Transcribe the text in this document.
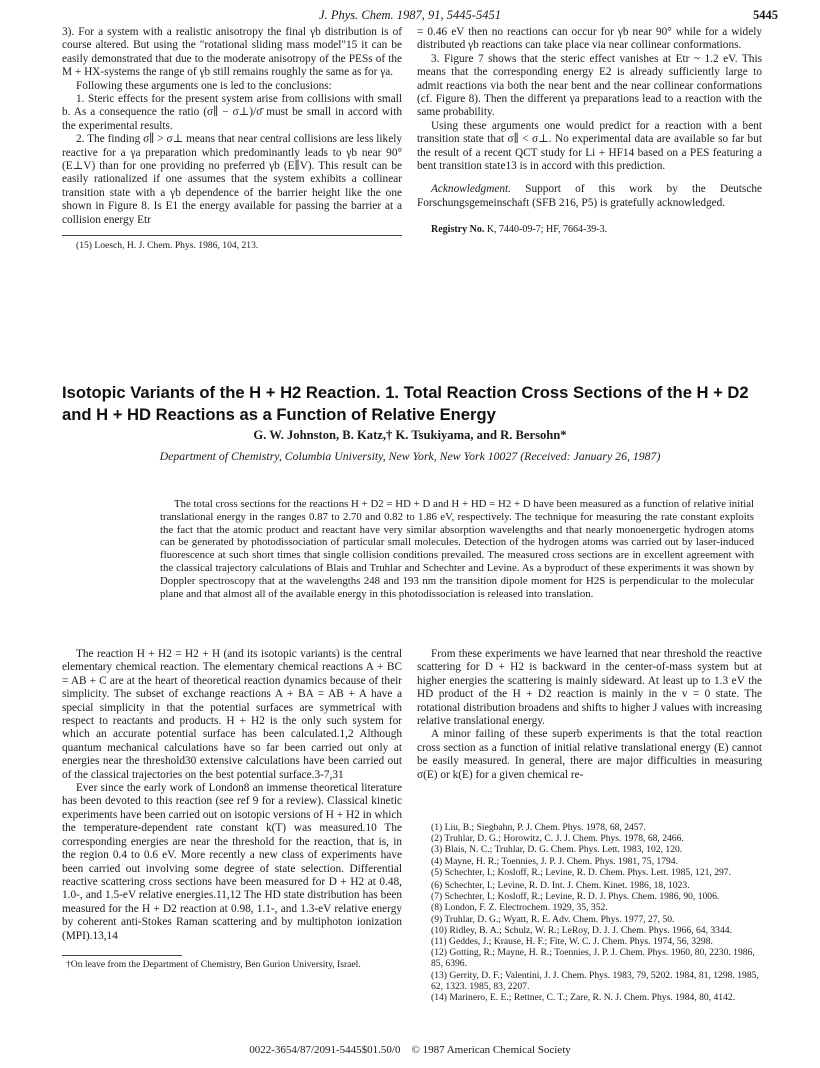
J. Phys. Chem. 1987, 91, 5445-5451	5445

3). For a system with a realistic anisotropy the final γb distribution is of course altered. But using the "rotational sliding mass model"15 it can be easily demonstrated that due to the moderate anisotropy of the PESs of the M + HX-systems the range of γb still remains roughly the same as for γa.

Following these arguments one is led to the conclusions:

1. Steric effects for the present system arise from collisions with small b. As a consequence the ratio (σ∥ − σ⊥)/σ̄ must be small in accord with the experimental results.

2. The finding σ∥ > σ⊥ means that near central collisions are less likely reactive for a γa preparation which predominantly leads to γb near 90° (E⊥V) than for one providing no preferred γb (E∥V). This result can be easily rationalized if one assumes that the system exhibits a collinear transition state with a γb dependence of the barrier height like the one shown in Figure 8. Is E1 the energy available for passing the barrier at a collision energy Etr

(15) Loesch, H. J. Chem. Phys. 1986, 104, 213.

= 0.46 eV then no reactions can occur for γb near 90° while for a widely distributed γb reactions can take place via near collinear conformations.

3. Figure 7 shows that the steric effect vanishes at Etr ~ 1.2 eV. This means that the corresponding energy E2 is already sufficiently large to admit reactions via both the near bent and the near collinear conformations (cf. Figure 8). Then the different γa preparations lead to a reaction with the same probability.

Using these arguments one would predict for a reaction with a bent transition state that σ∥ < σ⊥. No experimental data are available so far but the result of a recent QCT study for Li + HF14 based on a PES featuring a bent transition state13 is in accord with this prediction.

Acknowledgment. Support of this work by the Deutsche Forschungsgemeinschaft (SFB 216, P5) is gratefully acknowledged.

Registry No. K, 7440-09-7; HF, 7664-39-3.

Isotopic Variants of the H + H2 Reaction. 1. Total Reaction Cross Sections of the H + D2 and H + HD Reactions as a Function of Relative Energy
G. W. Johnston, B. Katz,† K. Tsukiyama, and R. Bersohn*
Department of Chemistry, Columbia University, New York, New York 10027 (Received: January 26, 1987)
The total cross sections for the reactions H + D2 = HD + D and H + HD = H2 + D have been measured as a function of relative initial translational energy in the ranges 0.87 to 2.70 and 0.82 to 1.86 eV, respectively. The technique for measuring the rate constant exploits the fact that the atomic product and reactant have very similar absorption wavelengths and that nearly monoenergetic hydrogen atoms can be generated by photodissociation of particular small molecules. Detection of the hydrogen atoms was carried out by laser-induced fluorescence at such short times that single collision conditions prevailed. The measured cross sections are in excellent agreement with the classical trajectory calculations of Blais and Truhlar and Schechter and Levine. As a byproduct of these experiments it was shown by Doppler spectroscopy that at the wavelengths 248 and 193 nm the transition dipole moment for H2S is perpendicular to the molecular plane and that almost all of the available energy in this photodissociation is released into translation.

The reaction H + H2 = H2 + H (and its isotopic variants) is the central elementary chemical reaction. The elementary chemical reactions A + BC = AB + C are at the heart of theoretical reaction dynamics because of their simplicity. The subset of exchange reactions A + BA = AB + A have a special simplicity in that the potential surfaces are symmetrical with respect to reactants and products. H + H2 is the only such system for which an accurate potential surface has been calculated.1,2 Although quantum mechanical calculations have so far been carried out only at energies near the threshold30 extensive calculations have been carried out of the classical trajectories on the best potential surface.3-7,31

Ever since the early work of London8 an immense theoretical literature has been devoted to this reaction (see ref 9 for a review). Classical kinetic experiments have been carried out on isotopic versions of H + H2 in which the temperature-dependent rate constant k(T) was measured.10 The corresponding energies are near the threshold for the reaction, that is, in the region 0.4 to 0.6 eV. More recently a new class of experiments have been carried out involving some degree of state selection. Differential reactive scattering cross sections have been measured for D + H2 at 0.48, 1.0-, and 1.5-eV relative energies.11,12 The HD state distribution has been measured for the H + D2 reaction at 0.98, 1.1-, and 1.3-eV relative energy by coherent anti-Stokes Raman scattering and by multiphoton ionization (MPI).13,14

†On leave from the Department of Chemistry, Ben Gurion University, Israel.

From these experiments we have learned that near threshold the reactive scattering for D + H2 is backward in the center-of-mass system but at higher energies the scattering is mainly sideward. At least up to 1.3 eV the HD product of the H + D2 reaction is mainly in the v = 0 state. The rotational distribution broadens and shifts to higher J values with increasing relative translational energy.

A minor failing of these superb experiments is that the total reaction cross section as a function of initial relative translational energy (E) cannot be easily measured. In general, there are major difficulties in measuring σ(E) or k(E) for a given chemical re-

(1) Liu, B.; Siegbahn, P. J. Chem. Phys. 1978, 68, 2457.
(2) Truhlar, D. G.; Horowitz, C. J. J. Chem. Phys. 1978, 68, 2466.
(3) Blais, N. C.; Truhlar, D. G. Chem. Phys. Lett. 1983, 102, 120.
(4) Mayne, H. R.; Toennies, J. P. J. Chem. Phys. 1981, 75, 1794.
(5) Schechter, I.; Kosloff, R.; Levine, R. D. Chem. Phys. Lett. 1985, 121, 297.
(6) Schechter, I.; Levine, R. D. Int. J. Chem. Kinet. 1986, 18, 1023.
(7) Schechter, I.; Kosloff, R.; Levine, R. D. J. Phys. Chem. 1986, 90, 1006.
(8) London, F. Z. Electrochem. 1929, 35, 352.
(9) Truhlar, D. G.; Wyatt, R. E. Adv. Chem. Phys. 1977, 27, 50.
(10) Ridley, B. A.; Schulz, W. R.; LeRoy, D. J. J. Chem. Phys. 1966, 64, 3344.
(11) Geddes, J.; Krause, H. F.; Fite, W. C. J. Chem. Phys. 1974, 56, 3298.
(12) Gotting, R.; Mayne, H. R.; Toennies, J. P. J. Chem. Phys. 1960, 80, 2230. 1986, 85, 6396.
(13) Gerrity, D. F.; Valentini, J. J. Chem. Phys. 1983, 79, 5202. 1984, 81, 1298. 1985, 62, 1323. 1985, 83, 2207.
(14) Marinero, E. E.; Rettner, C. T.; Zare, R. N. J. Chem. Phys. 1984, 80, 4142.
0022-3654/87/2091-5445$01.50/0 © 1987 American Chemical Society
